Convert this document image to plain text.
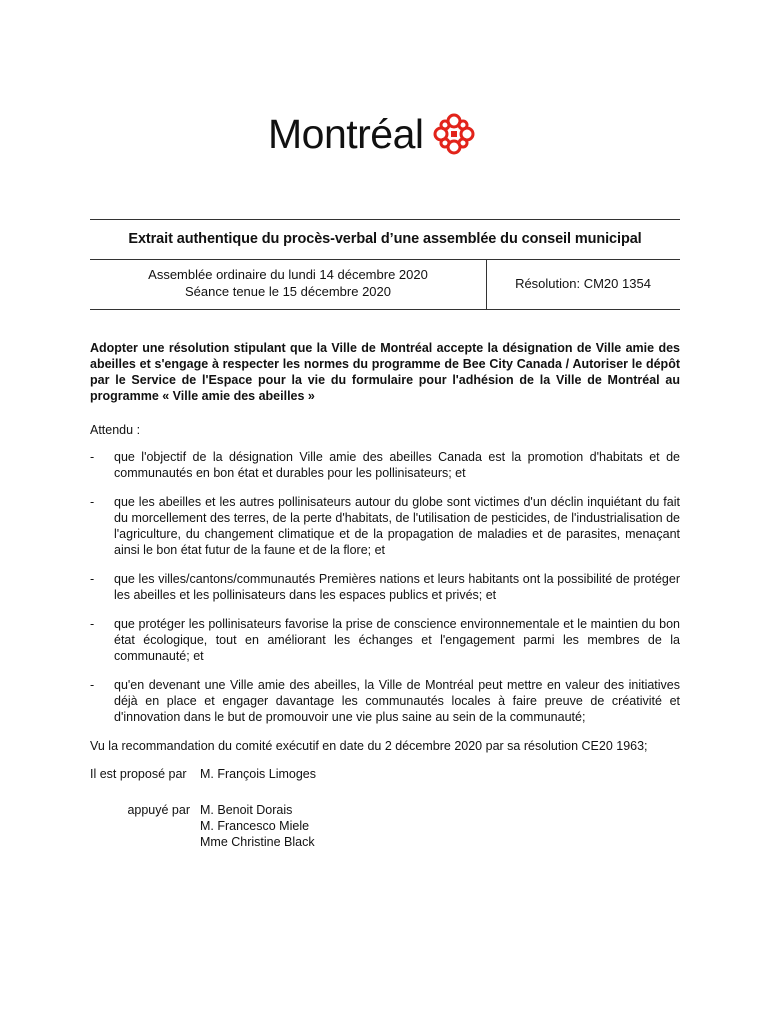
Montréal
Extrait authentique du procès-verbal d’une assemblée du conseil municipal
Assemblée ordinaire du lundi 14 décembre 2020
Séance tenue le 15 décembre 2020
Résolution: CM20 1354

Adopter une résolution stipulant que la Ville de Montréal accepte la désignation de Ville amie des abeilles et s'engage à respecter les normes du programme de Bee City Canada / Autoriser le dépôt par le Service de l'Espace pour la vie du formulaire pour l'adhésion de la Ville de Montréal au programme « Ville amie des abeilles »

Attendu :

-	que l'objectif de la désignation Ville amie des abeilles Canada est la promotion d'habitats et de communautés en bon état et durables pour les pollinisateurs; et
-	que les abeilles et les autres pollinisateurs autour du globe sont victimes d'un déclin inquiétant du fait du morcellement des terres, de la perte d'habitats, de l'utilisation de pesticides, de l'industrialisation de l'agriculture, du changement climatique et de la propagation de maladies et de parasites, menaçant ainsi le bon état futur de la faune et de la flore; et
-	que les villes/cantons/communautés Premières nations et leurs habitants ont la possibilité de protéger les abeilles et les pollinisateurs dans les espaces publics et privés; et
-	que protéger les pollinisateurs favorise la prise de conscience environnementale et le maintien du bon état écologique, tout en améliorant les échanges et l'engagement parmi les membres de la communauté; et
-	qu'en devenant une Ville amie des abeilles, la Ville de Montréal peut mettre en valeur des initiatives déjà en place et engager davantage les communautés locales à faire preuve de créativité et d'innovation dans le but de promouvoir une vie plus saine au sein de la communauté;

Vu la recommandation du comité exécutif en date du 2 décembre 2020 par sa résolution CE20 1963;

Il est proposé par	M. François Limoges
appuyé par M. Benoit Dorais
M. Francesco Miele
Mme Christine Black
